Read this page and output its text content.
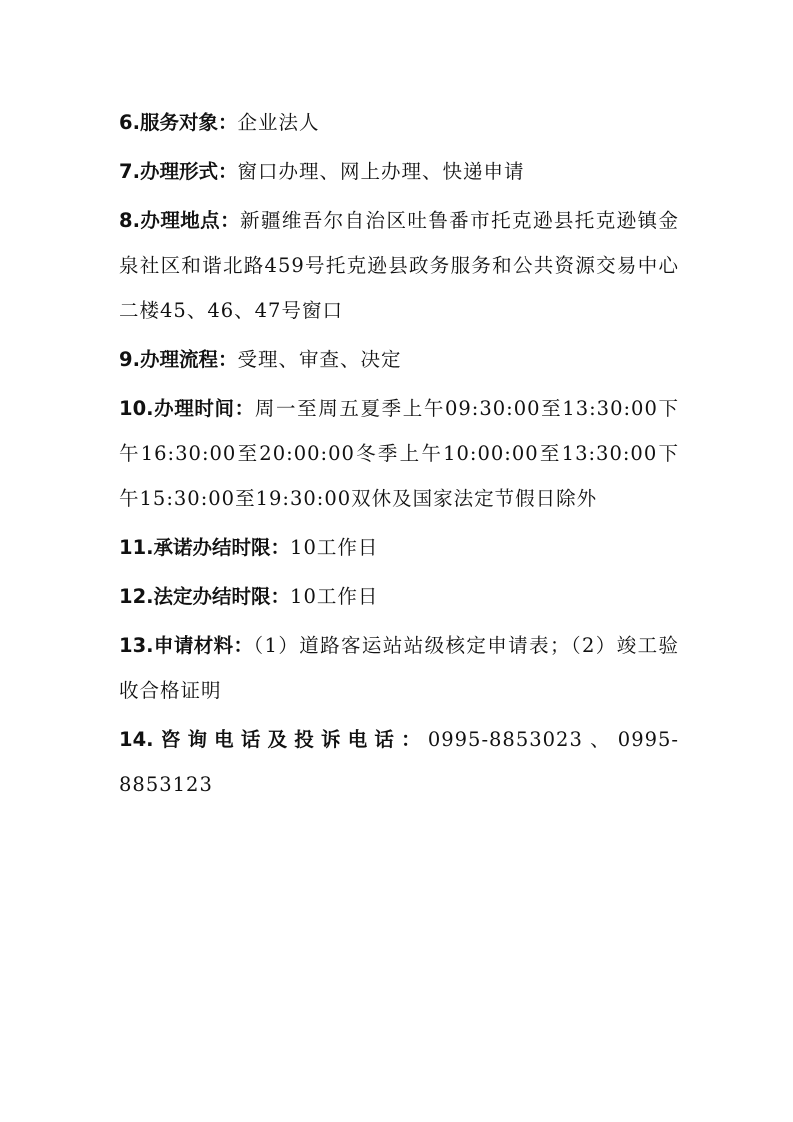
6.服务对象：企业法人

7.办理形式：窗口办理、网上办理、快递申请

8.办理地点：新疆维吾尔自治区吐鲁番市托克逊县托克逊镇金泉社区和谐北路459号托克逊县政务服务和公共资源交易中心二楼45、46、47号窗口

9.办理流程：受理、审查、决定

10.办理时间：周一至周五夏季上午09:30:00至13:30:00下午16:30:00至20:00:00冬季上午10:00:00至13:30:00下午15:30:00至19:30:00双休及国家法定节假日除外

11.承诺办结时限：10工作日

12.法定办结时限：10工作日

13.申请材料：（1）道路客运站站级核定申请表；（2）竣工验收合格证明

14.咨询电话及投诉电话：0995-8853023、0995-8853123
